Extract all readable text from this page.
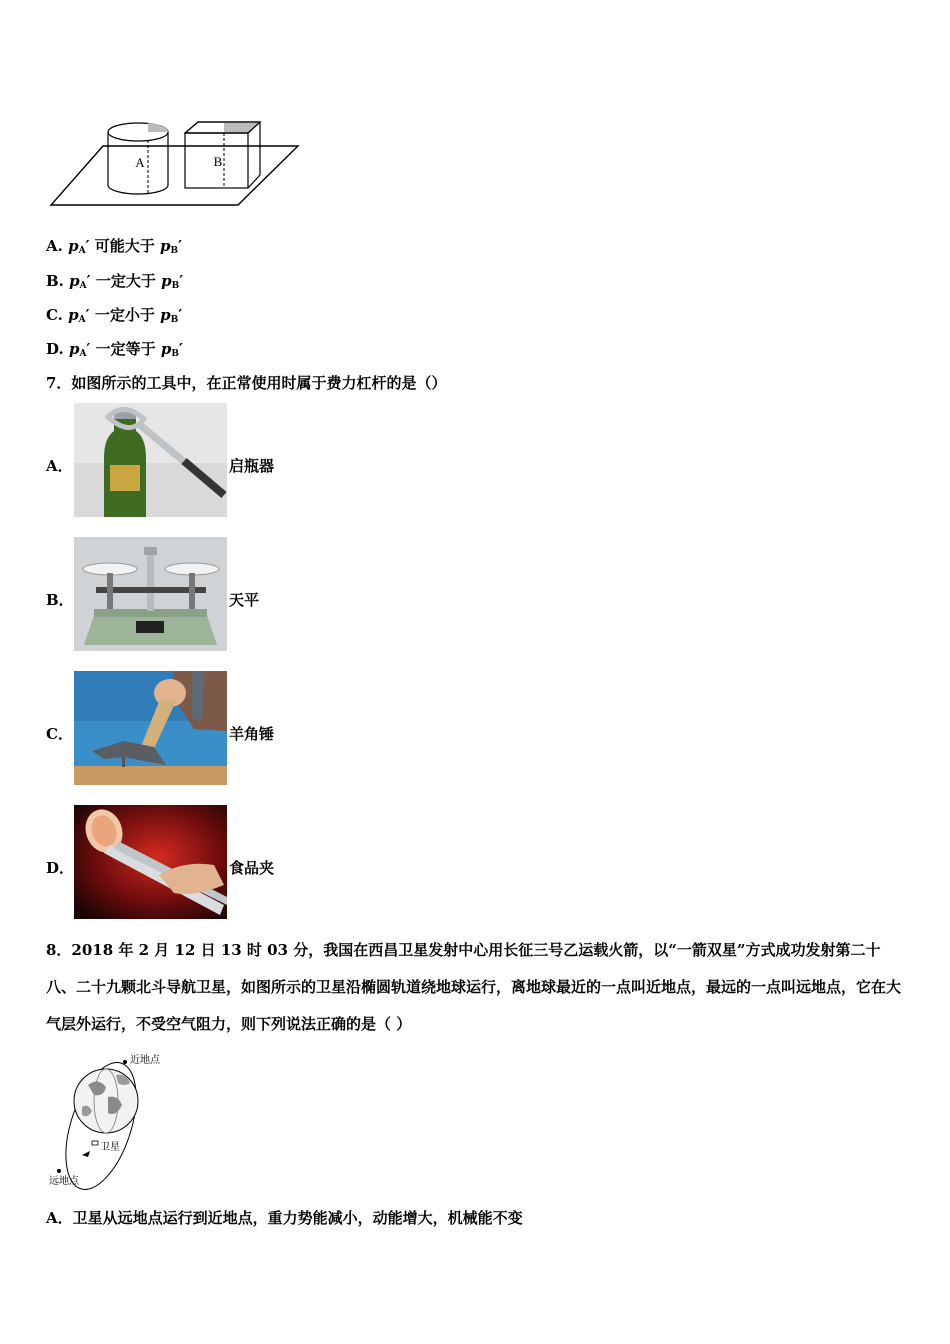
A	B
A. $p_A'$ 可能大于 $p_B'$
B. $p_A'$ 一定大于 $p_B'$
C. $p_A'$ 一定小于 $p_B'$
D. $p_A'$ 一定等于 $p_B'$
7．如图所示的工具中，在正常使用时属于费力杠杆的是（）
A．	启瓶器
B．	天平
C．	羊角锤
D．	食品夹
8．2018 年 2 月 12 日 13 时 03 分，我国在西昌卫星发射中心用长征三号乙运载火箭，以“一箭双星”方式成功发射第二十八、二十九颗北斗导航卫星，如图所示的卫星沿椭圆轨道绕地球运行，离地球最近的一点叫近地点，最远的一点叫远地点，它在大气层外运行，不受空气阻力，则下列说法正确的是（ ）
近地点
卫星
远地点
A．卫星从远地点运行到近地点，重力势能减小，动能增大，机械能不变
